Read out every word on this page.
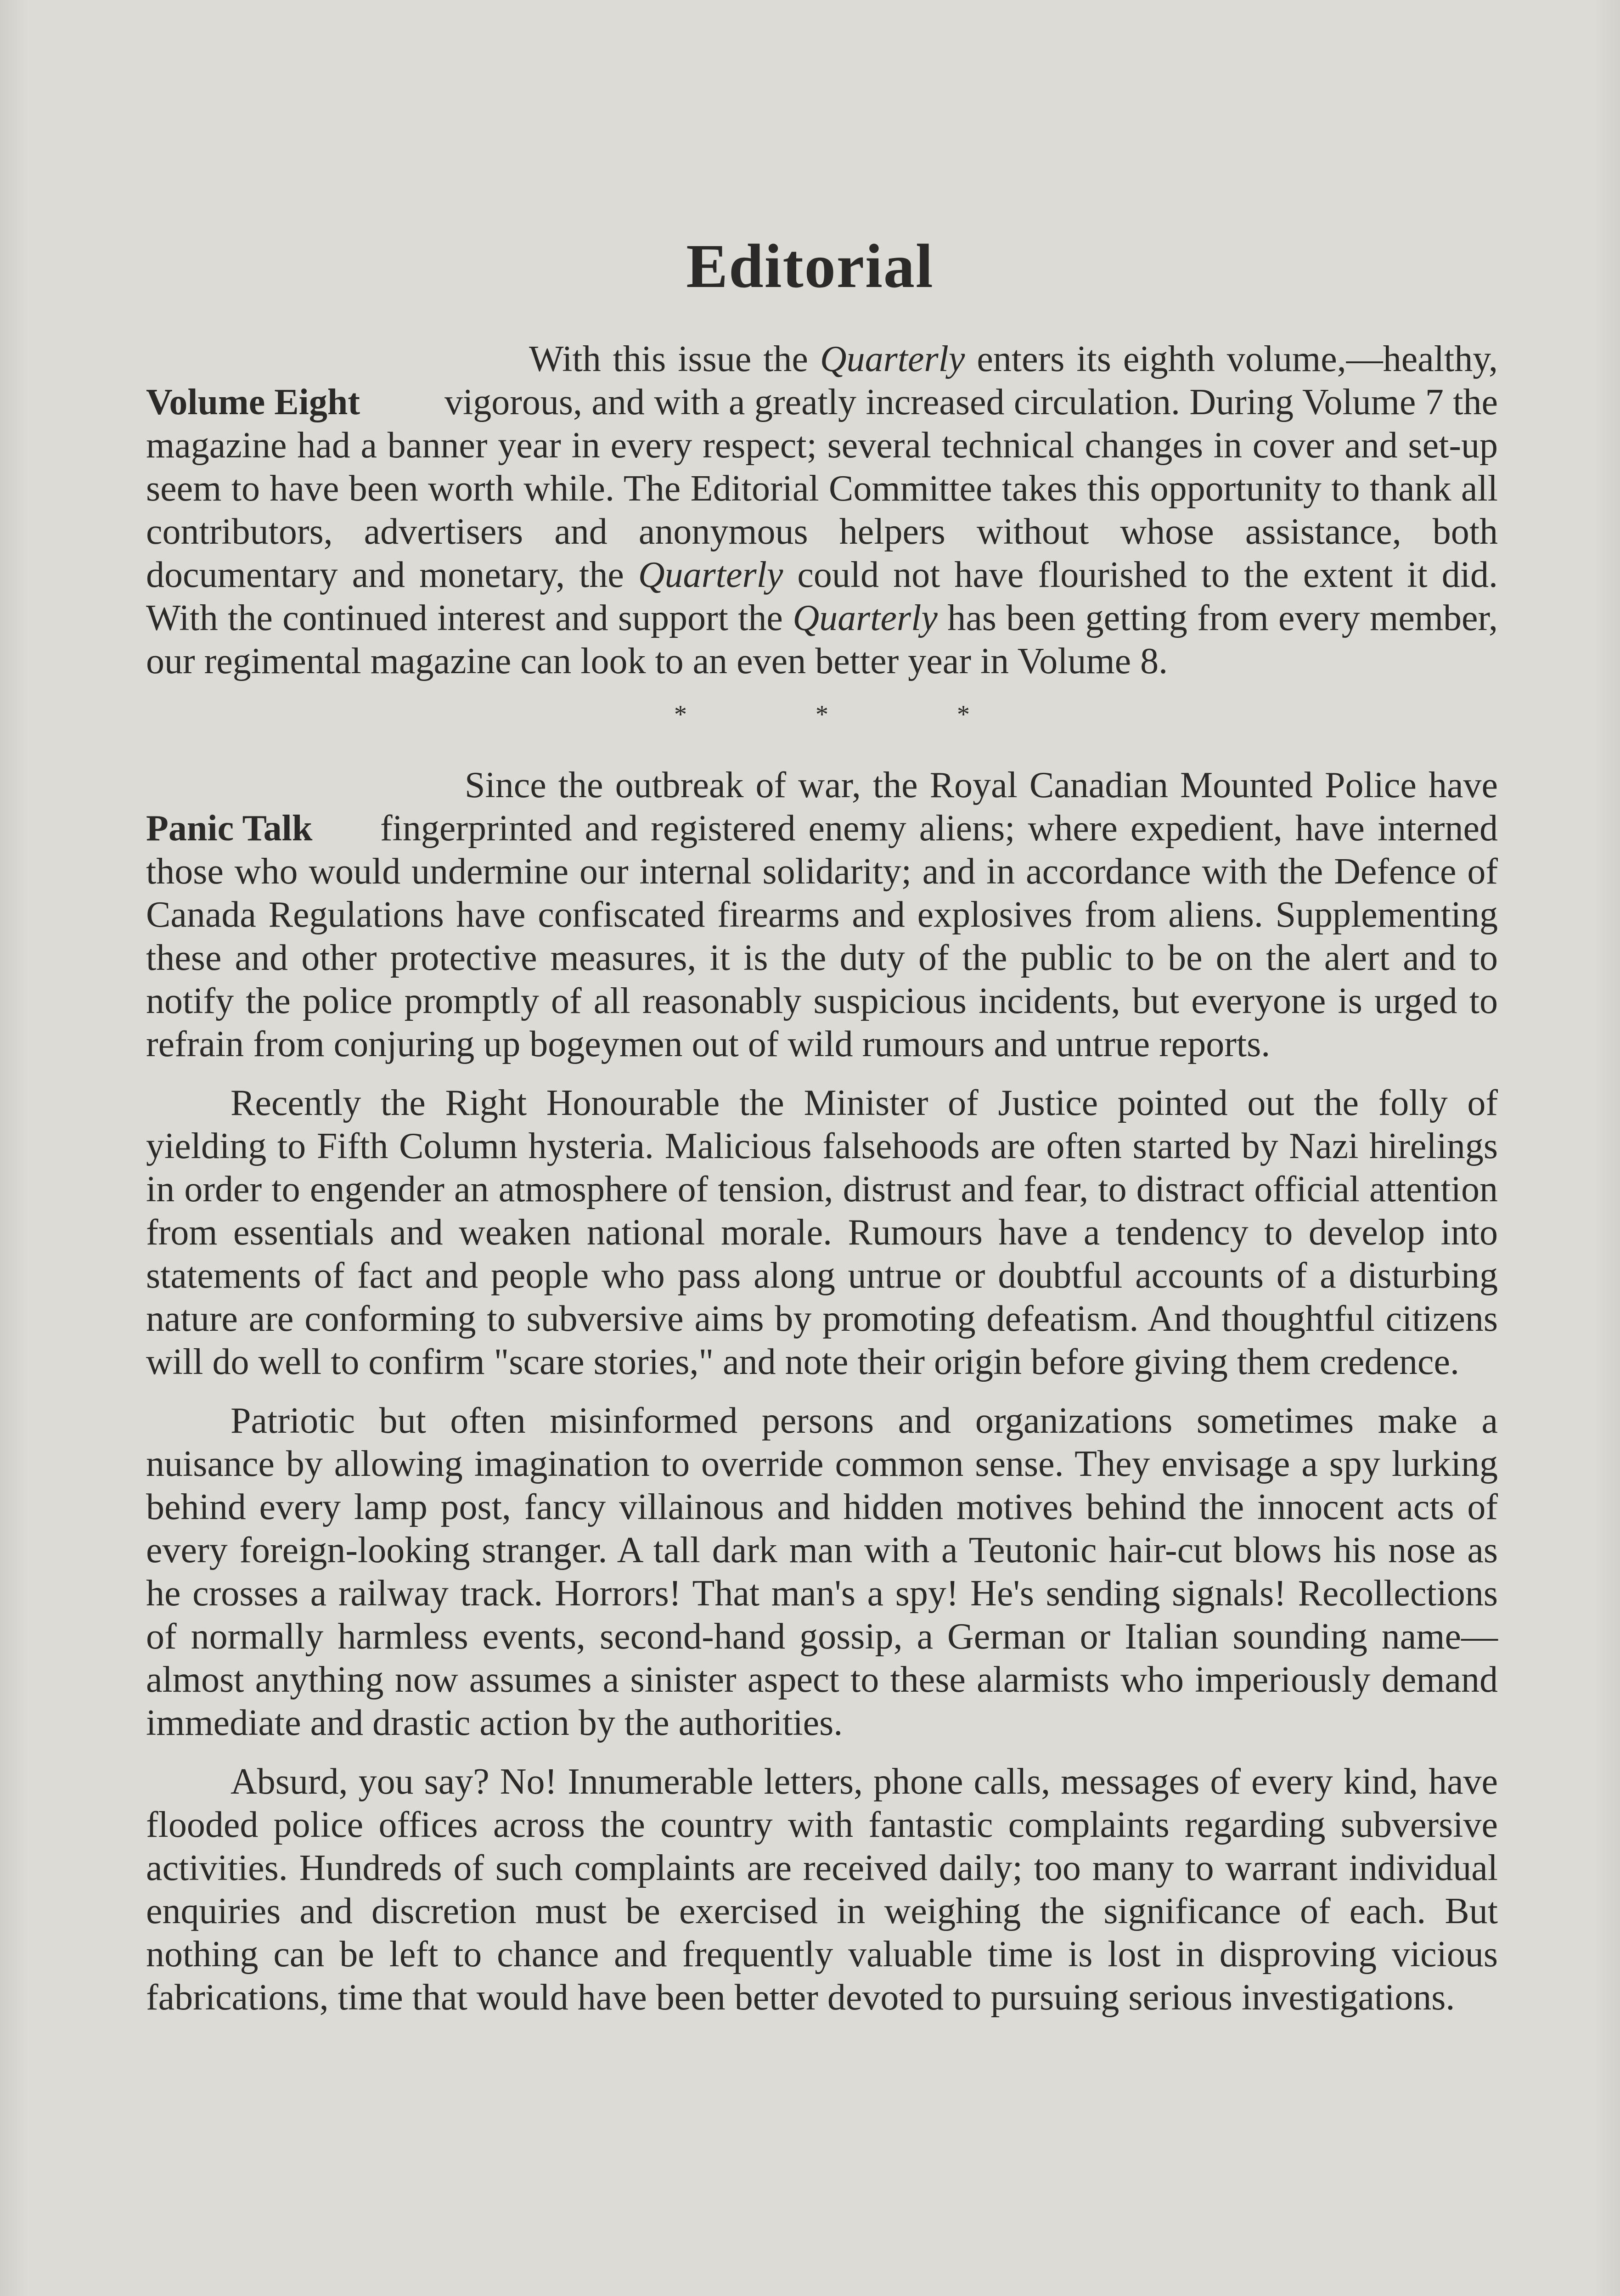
Editorial
Volume Eight

With this issue the Quarterly enters its eighth volume,—healthy, vigorous, and with a greatly increased circulation. During Volume 7 the magazine had a banner year in every respect; several technical changes in cover and set-up seem to have been worth while. The Editorial Committee takes this opportunity to thank all contributors, advertisers and anonymous helpers without whose assistance, both documentary and monetary, the Quarterly could not have flourished to the extent it did. With the continued interest and support the Quarterly has been getting from every member, our regimental magazine can look to an even better year in Volume 8.

*	*	*
Panic Talk

Since the outbreak of war, the Royal Canadian Mounted Police have fingerprinted and registered enemy aliens; where expedient, have interned those who would undermine our internal solidarity; and in accordance with the Defence of Canada Regulations have confiscated firearms and explosives from aliens. Supplementing these and other protective measures, it is the duty of the public to be on the alert and to notify the police promptly of all reasonably suspicious incidents, but everyone is urged to refrain from conjuring up bogeymen out of wild rumours and untrue reports.

Recently the Right Honourable the Minister of Justice pointed out the folly of yielding to Fifth Column hysteria. Malicious falsehoods are often started by Nazi hirelings in order to engender an atmosphere of tension, distrust and fear, to distract official attention from essentials and weaken national morale. Rumours have a tendency to develop into statements of fact and people who pass along untrue or doubtful accounts of a disturbing nature are conforming to subversive aims by promoting defeatism. And thoughtful citizens will do well to confirm "scare stories," and note their origin before giving them credence.

Patriotic but often misinformed persons and organizations sometimes make a nuisance by allowing imagination to override common sense. They envisage a spy lurking behind every lamp post, fancy villainous and hidden motives behind the innocent acts of every foreign-looking stranger. A tall dark man with a Teutonic hair-cut blows his nose as he crosses a railway track. Horrors! That man's a spy! He's sending signals! Recollections of normally harmless events, second-hand gossip, a German or Italian sounding name—almost anything now assumes a sinister aspect to these alarmists who imperiously demand immediate and drastic action by the authorities.

Absurd, you say? No! Innumerable letters, phone calls, messages of every kind, have flooded police offices across the country with fantastic complaints regarding subversive activities. Hundreds of such complaints are received daily; too many to warrant individual enquiries and discretion must be exercised in weighing the significance of each. But nothing can be left to chance and frequently valuable time is lost in disproving vicious fabrications, time that would have been better devoted to pursuing serious investigations.
